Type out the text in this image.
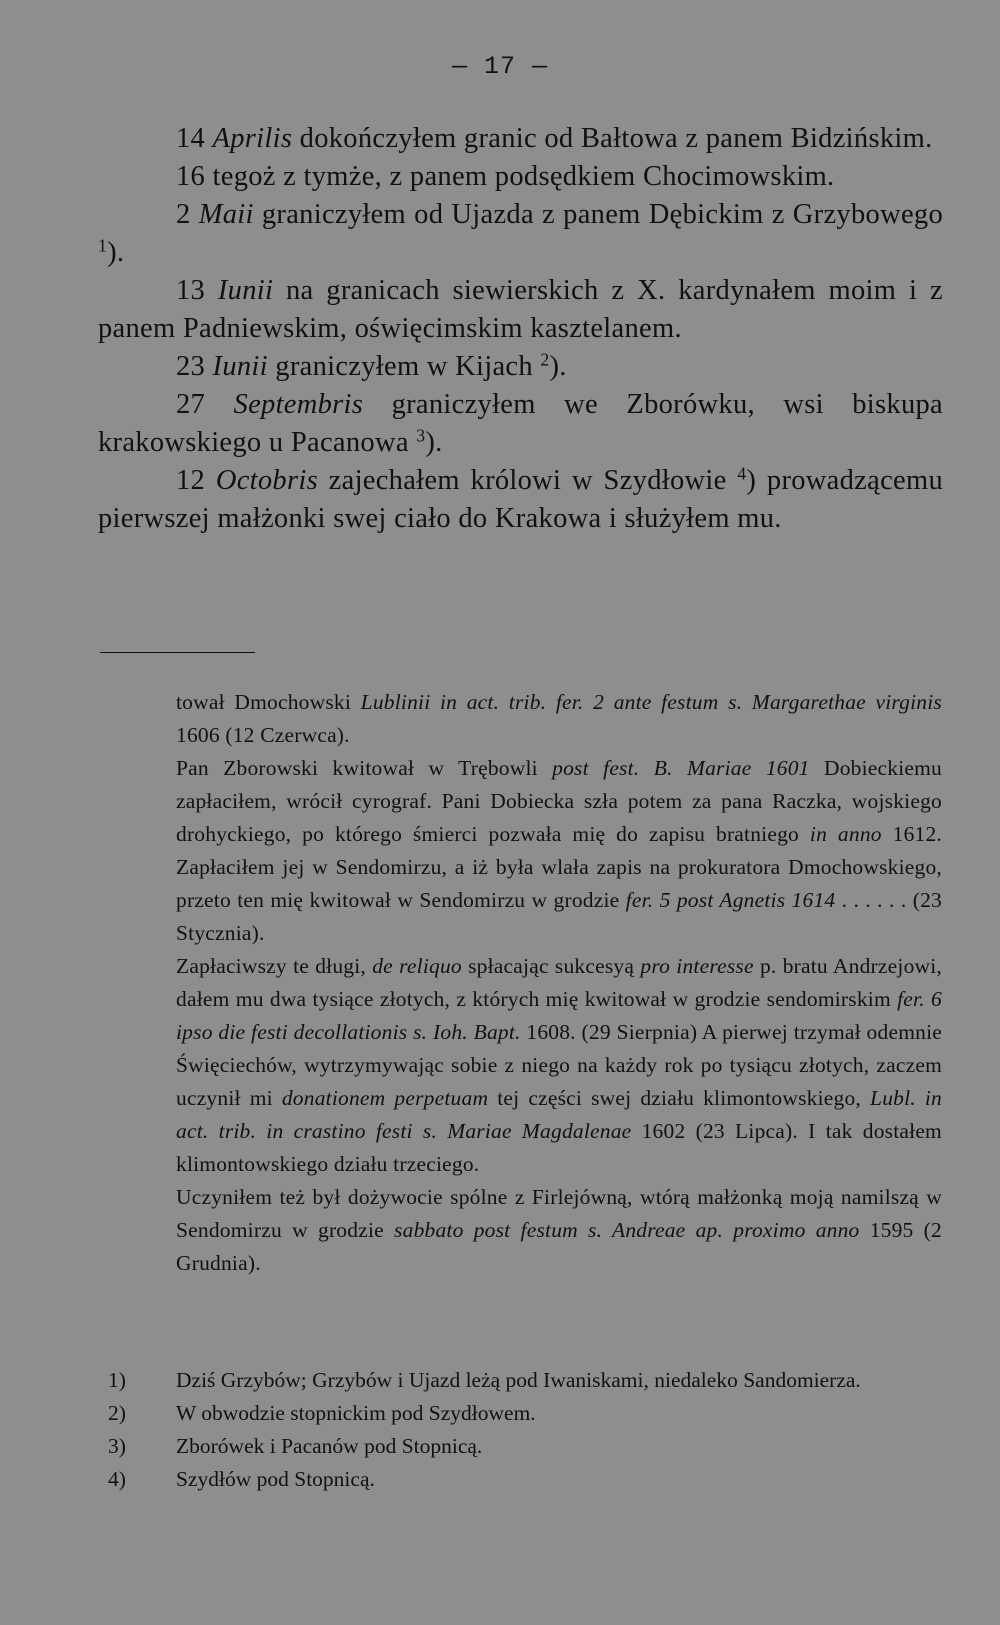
— 17 —

14 Aprilis dokończyłem granic od Bałtowa z panem Bidzińskim.

16 tegoż z tymże, z panem podsędkiem Chocimowskim.

2 Maii graniczyłem od Ujazda z panem Dębickim z Grzybowego $^1$).

13 Iunii na granicach siewierskich z X. kardynałem moim i z panem Padniewskim, oświęcimskim kasztelanem.

23 Iunii graniczyłem w Kijach $^2$).

27 Septembris graniczyłem we Zborówku, wsi biskupa krakowskiego u Pacanowa $^3$).

12 Octobris zajechałem królowi w Szydłowie $^4$) prowadzącemu pierwszej małżonki swej ciało do Krakowa i służyłem mu.

tował Dmochowski Lublinii in act. trib. fer. 2 ante festum s. Margarethae virginis 1606 (12 Czerwca).

Pan Zborowski kwitował w Trębowli post fest. B. Mariae 1601 Dobieckiemu zapłaciłem, wrócił cyrograf. Pani Dobiecka szła potem za pana Raczka, wojskiego drohyckiego, po którego śmierci pozwała mię do zapisu bratniego in anno 1612. Zapłaciłem jej w Sendomirzu, a iż była wlała zapis na prokuratora Dmochowskiego, przeto ten mię kwitował w Sendomirzu w grodzie fer. 5 post Agnetis 1614 . . . . . . (23 Stycznia).

Zapłaciwszy te długi, de reliquo spłacając sukcesyą pro interesse p. bratu Andrzejowi, dałem mu dwa tysiące złotych, z których mię kwitował w grodzie sendomirskim fer. 6 ipso die festi decollationis s. Ioh. Bapt. 1608. (29 Sierpnia) A pierwej trzymał odemnie Święciechów, wytrzymywając sobie z niego na każdy rok po tysiącu złotych, zaczem uczynił mi donationem perpetuam tej części swej działu klimontowskiego, Lubl. in act. trib. in crastino festi s. Mariae Magdalenae 1602 (23 Lipca). I tak dostałem klimontowskiego działu trzeciego.

Uczyniłem też był dożywocie spólne z Firlejówną, wtórą małżonką moją namilszą w Sendomirzu w grodzie sabbato post festum s. Andreae ap. proximo anno 1595 (2 Grudnia).

1)	Dziś Grzybów; Grzybów i Ujazd leżą pod Iwaniskami, niedaleko Sandomierza.
2)	W obwodzie stopnickim pod Szydłowem.
3)	Zborówek i Pacanów pod Stopnicą.
4)	Szydłów pod Stopnicą.
